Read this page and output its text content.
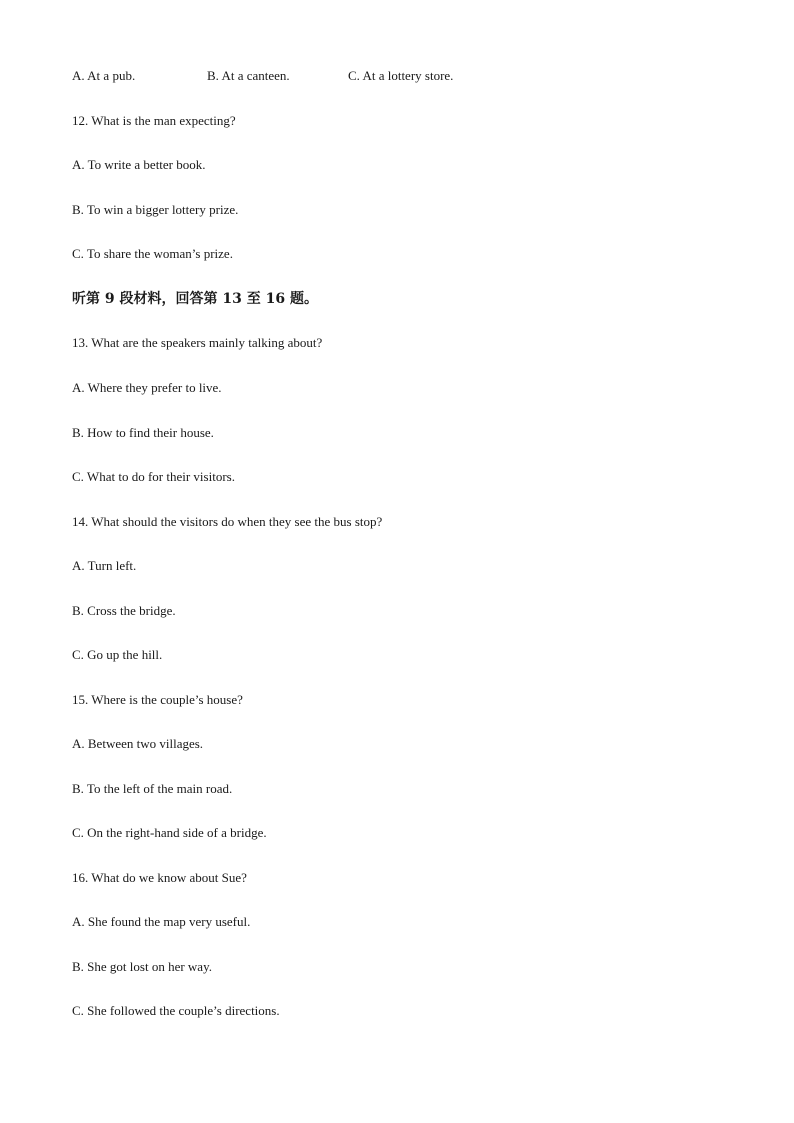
A. At a pub.	B. At a canteen.	C. At a lottery store.
12. What is the man expecting?
A. To write a better book.
B. To win a bigger lottery prize.
C. To share the woman’s prize.
听第 9 段材料，回答第 13 至 16 题。
13. What are the speakers mainly talking about?
A. Where they prefer to live.
B. How to find their house.
C. What to do for their visitors.
14. What should the visitors do when they see the bus stop?
A. Turn left.
B. Cross the bridge.
C. Go up the hill.
15. Where is the couple’s house?
A. Between two villages.
B. To the left of the main road.
C. On the right-hand side of a bridge.
16. What do we know about Sue?
A. She found the map very useful.
B. She got lost on her way.
C. She followed the couple’s directions.
